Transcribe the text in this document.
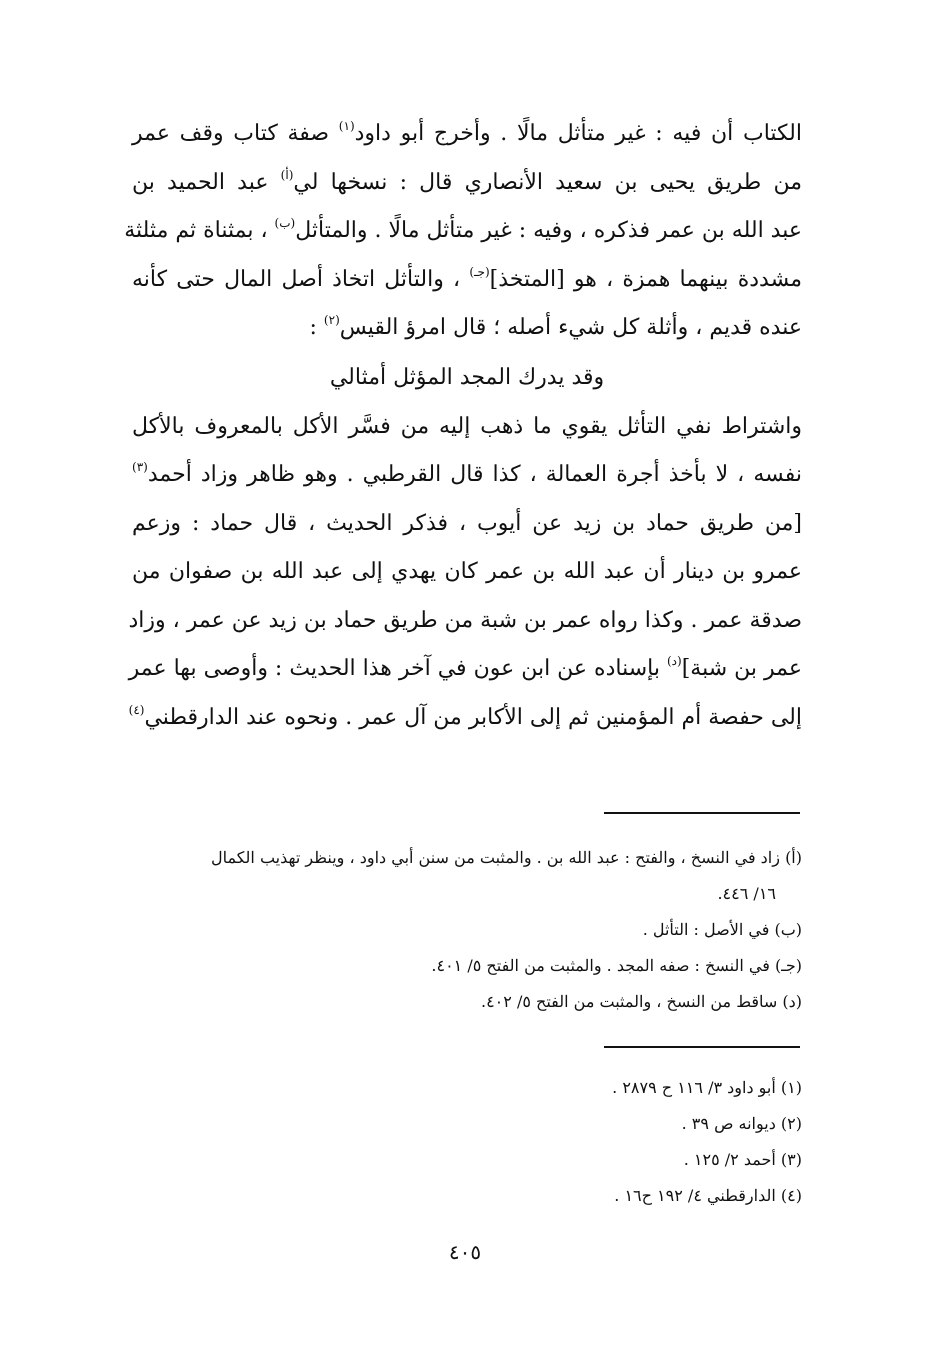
الكتاب أن فيه : غير متأثل مالًا . وأخرج أبو داود$^{(١)}$ صفة كتاب وقف عمر
من طريق يحيى بن سعيد الأنصاري قال : نسخها لي$^{(أ)}$ عبد الحميد بن
عبد الله بن عمر فذكره ، وفيه : غير متأثل مالًا . والمتأثل$^{(ب)}$ ، بمثناة ثم مثلثة
مشددة بينهما همزة ، هو [المتخذ]$^{(جـ)}$ ، والتأثل اتخاذ أصل المال حتى كأنه
عنده قديم ، وأثلة كل شيء أصله ؛ قال امرؤ القيس$^{(٢)}$ :
وقد يدرك المجد المؤثل أمثالي
واشتراط نفي التأثل يقوي ما ذهب إليه من فسَّر الأكل بالمعروف بالأكل
نفسه ، لا بأخذ أجرة العمالة ، كذا قال القرطبي . وهو ظاهر وزاد أحمد$^{(٣)}$
[من طريق حماد بن زيد عن أيوب ، فذكر الحديث ، قال حماد : وزعم
عمرو بن دينار أن عبد الله بن عمر كان يهدي إلى عبد الله بن صفوان من
صدقة عمر . وكذا رواه عمر بن شبة من طريق حماد بن زيد عن عمر ، وزاد
عمر بن شبة]$^{(د)}$ بإسناده عن ابن عون في آخر هذا الحديث : وأوصى بها عمر
إلى حفصة أم المؤمنين ثم إلى الأكابر من آل عمر . ونحوه عند الدارقطني$^{(٤)}$
(أ) زاد في النسخ ، والفتح : عبد الله بن . والمثبت من سنن أبي داود ، وينظر تهذيب الكمال
١٦/ ٤٤٦.
(ب) في الأصل : التأثل .
(جـ) في النسخ : صفه المجد . والمثبت من الفتح ٥/ ٤٠١.
(د) ساقط من النسخ ، والمثبت من الفتح ٥/ ٤٠٢.
(١) أبو داود ٣/ ١١٦ ح ٢٨٧٩ .
(٢) ديوانه ص ٣٩ .
(٣) أحمد ٢/ ١٢٥ .
(٤) الدارقطني ٤/ ١٩٢ ح١٦ .
٤٠٥
